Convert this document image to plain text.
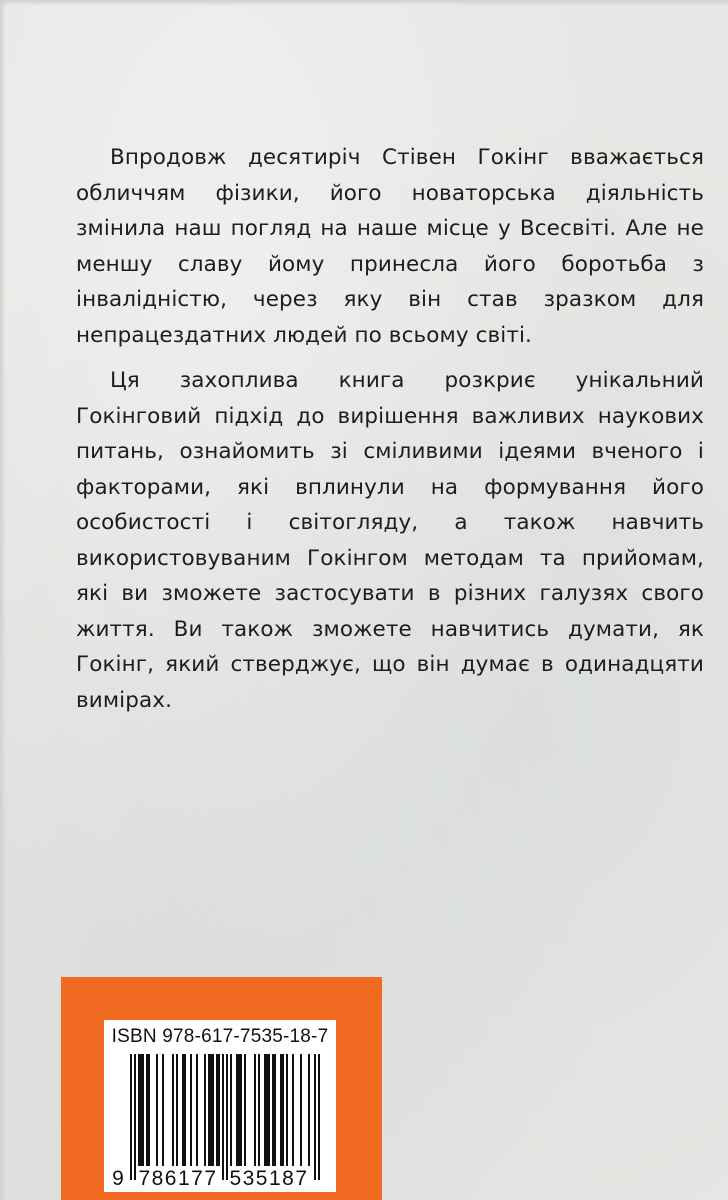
Впродовж десятиріч Стівен Гокінг вважається обличчям фізики, його новаторська діяльність змінила наш погляд на наше місце у Всесвіті. Але не меншу славу йому принесла його боротьба з інвалідністю, через яку він став зразком для непрацездатних людей по всьому світі.

Ця захоплива книга розкриє унікальний Гокінговий підхід до вирішення важливих наукових питань, ознайомить зі сміливими ідеями вченого і факторами, які вплинули на формування його особистості і світогляду, а також навчить використовуваним Гокінгом методам та прийомам, які ви зможете застосувати в різних галузях свого життя. Ви також зможете навчитись думати, як Гокінг, який стверджує, що він думає в одинадцяти вимірах.

ISBN 978-617-7535-18-7
9 786177 535187
